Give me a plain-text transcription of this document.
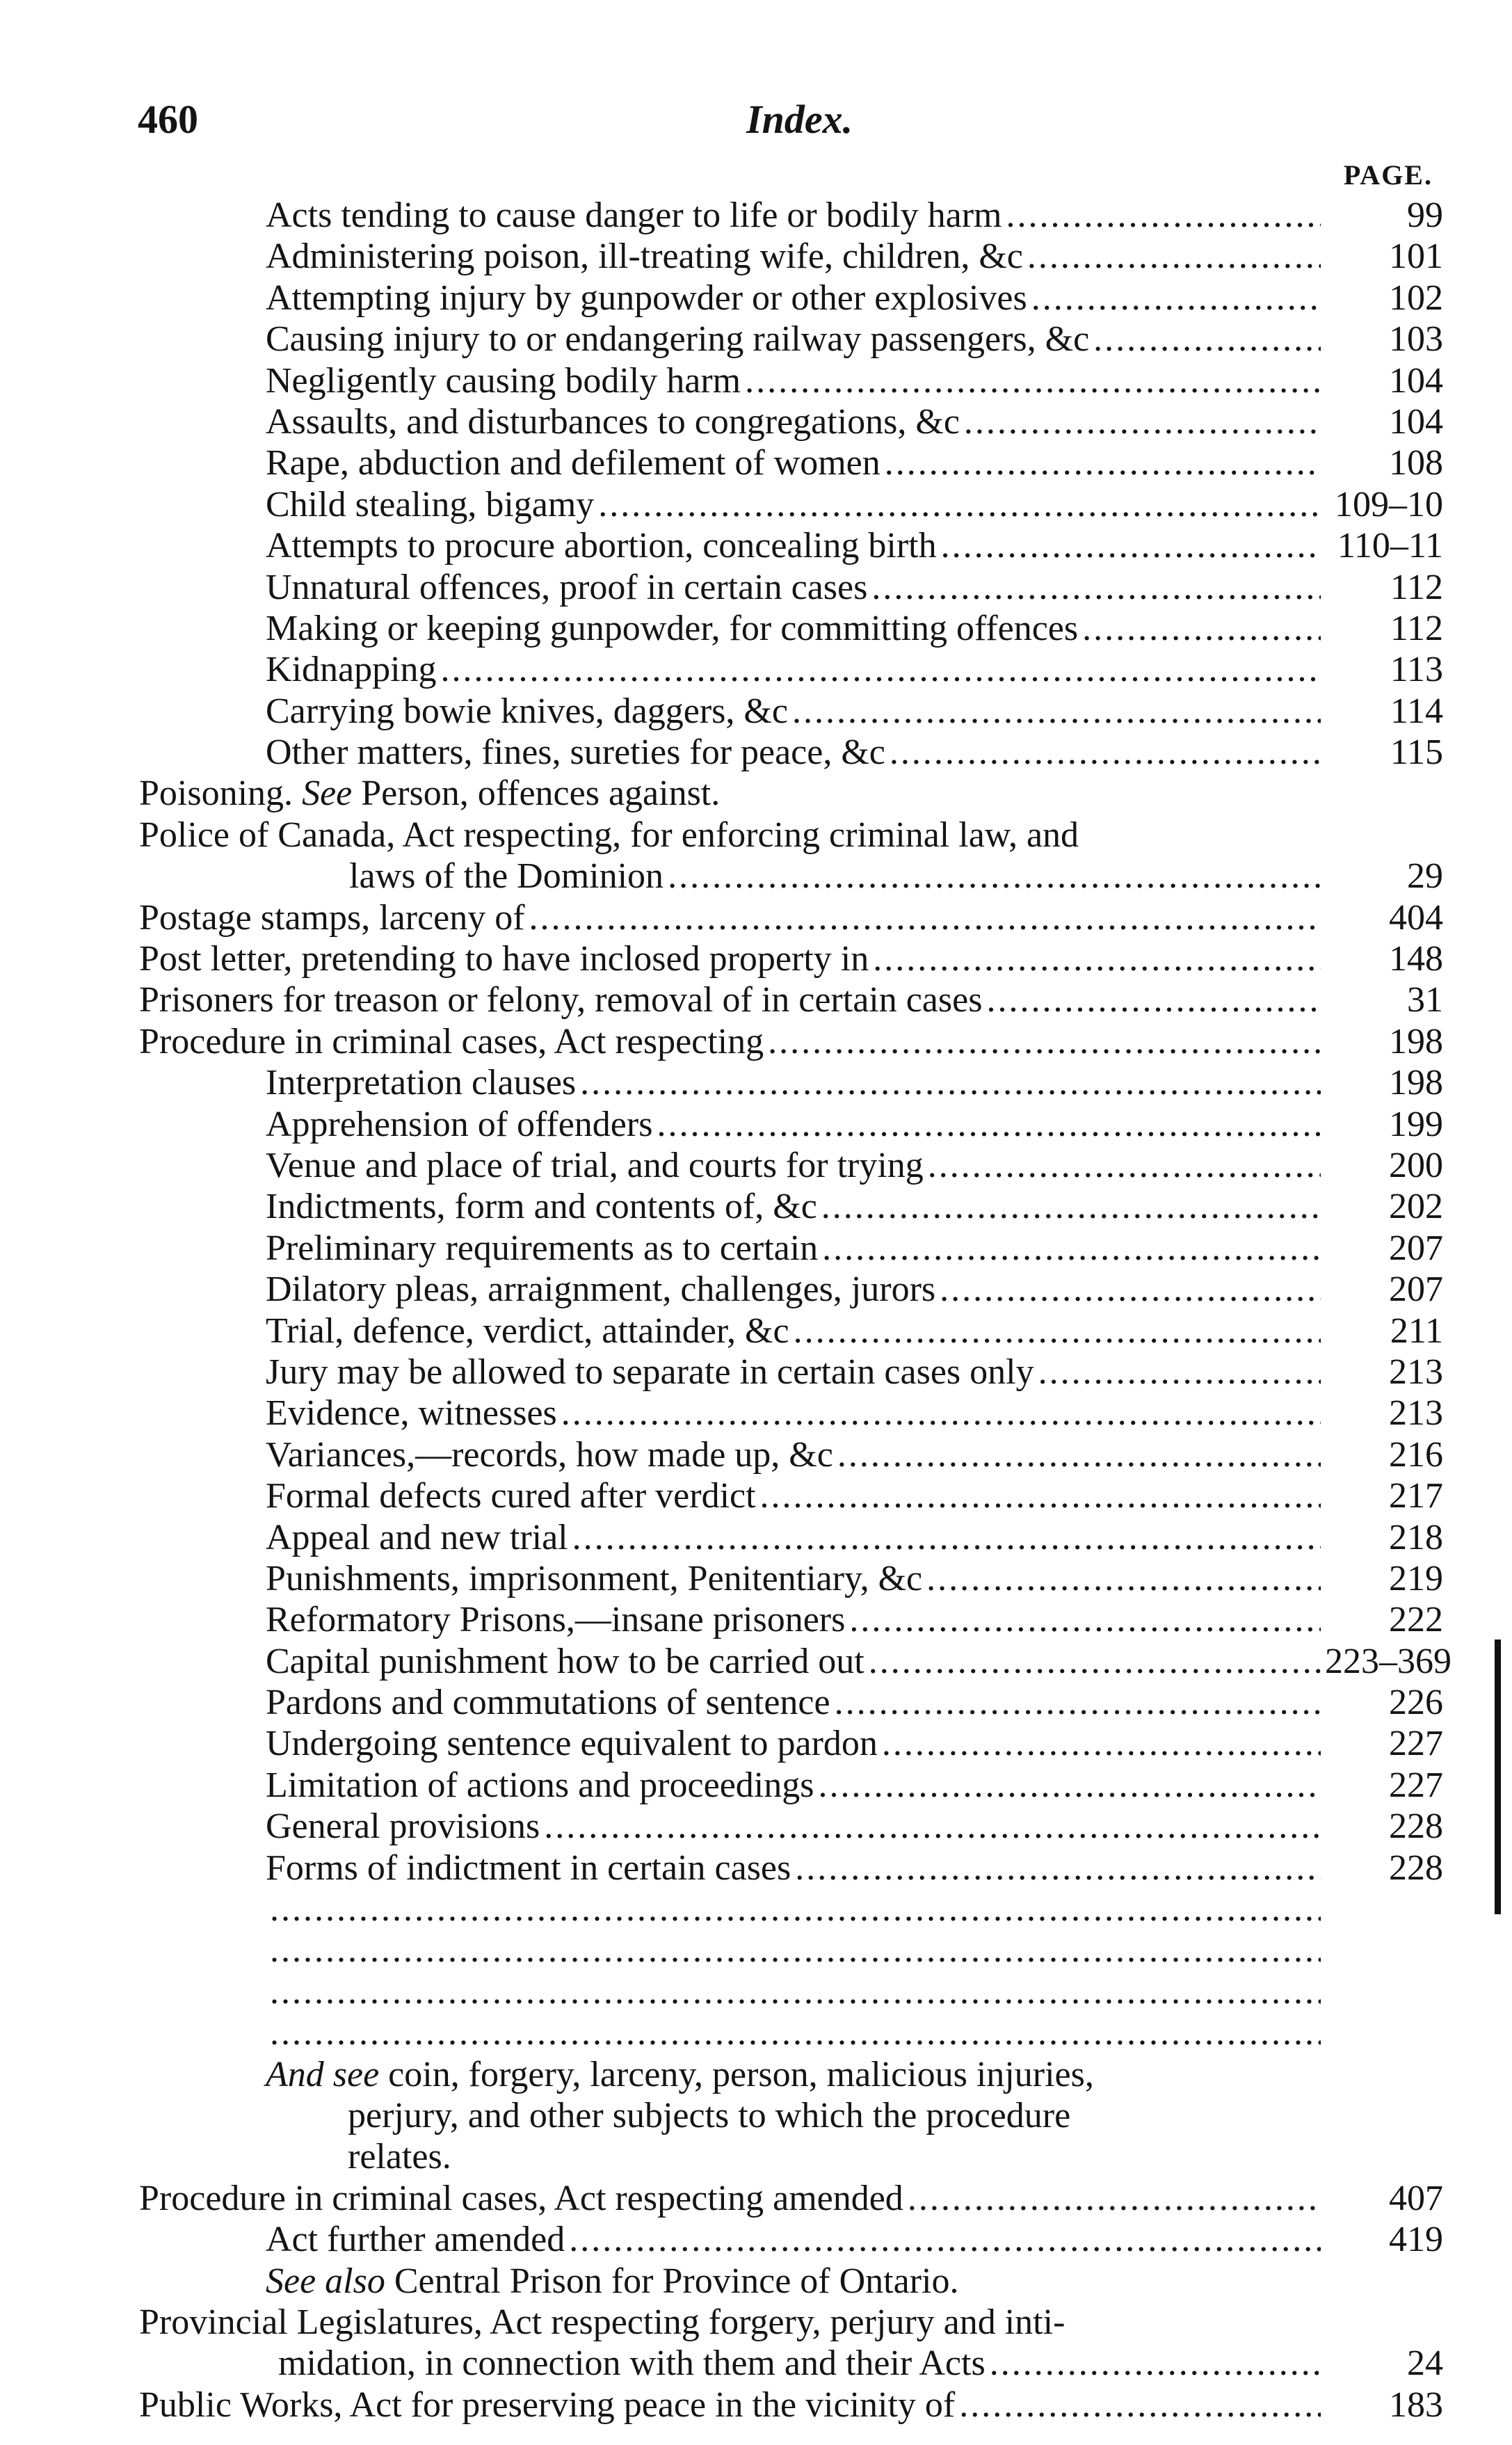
460	Index.
PAGE.
Acts tending to cause danger to life or bodily harm .....	99
Administering poison, ill-treating wife, children, &c .....	101
Attempting injury by gunpowder or other explosives .....	102
Causing injury to or endangering railway passengers, &c .....	103
Negligently causing bodily harm .....	104
Assaults, and disturbances to congregations, &c .....	104
Rape, abduction and defilement of women .....	108
Child stealing, bigamy .....	109–10
Attempts to procure abortion, concealing birth .....	110–11
Unnatural offences, proof in certain cases .....	112
Making or keeping gunpowder, for committing offences .....	112
Kidnapping .....	113
Carrying bowie knives, daggers, &c .....	114
Other matters, fines, sureties for peace, &c .....	115
Poisoning.
See
Person, offences against.
Police of Canada, Act respecting, for enforcing criminal law, and
laws of the Dominion .....	29
Postage stamps, larceny of .....	404
Post letter, pretending to have inclosed property in .....	148
Prisoners for treason or felony, removal of in certain cases .....	31
Procedure in criminal cases, Act respecting .....	198
Interpretation clauses .....	198
Apprehension of offenders .....	199
Venue and place of trial, and courts for trying .....	200
Indictments, form and contents of, &c .....	202
Preliminary requirements as to certain .....	207
Dilatory pleas, arraignment, challenges, jurors .....	207
Trial, defence, verdict, attainder, &c .....	211
Jury may be allowed to separate in certain cases only .....	213
Evidence, witnesses .....	213
Variances,—records, how made up, &c .....	216
Formal defects cured after verdict .....	217
Appeal and new trial .....	218
Punishments, imprisonment, Penitentiary, &c .....	219
Reformatory Prisons,—insane prisoners .....	222
Capital punishment how to be carried out .....	223–369
Pardons and commutations of sentence .....	226
Undergoing sentence equivalent to pardon .....	227
Limitation of actions and proceedings .....	227
General provisions .....	228
Forms of indictment in certain cases .....	228
.....
.....
.....
.....
And see
coin, forgery, larceny, person, malicious injuries,
perjury, and other subjects to which the procedure
relates.
Procedure in criminal cases, Act respecting amended .....	407
Act further amended .....	419
See also
Central Prison for Province of Ontario.
Provincial Legislatures, Act respecting forgery, perjury and inti-
midation, in connection with them and their Acts .....	24
Public Works, Act for preserving peace in the vicinity of .....	183
